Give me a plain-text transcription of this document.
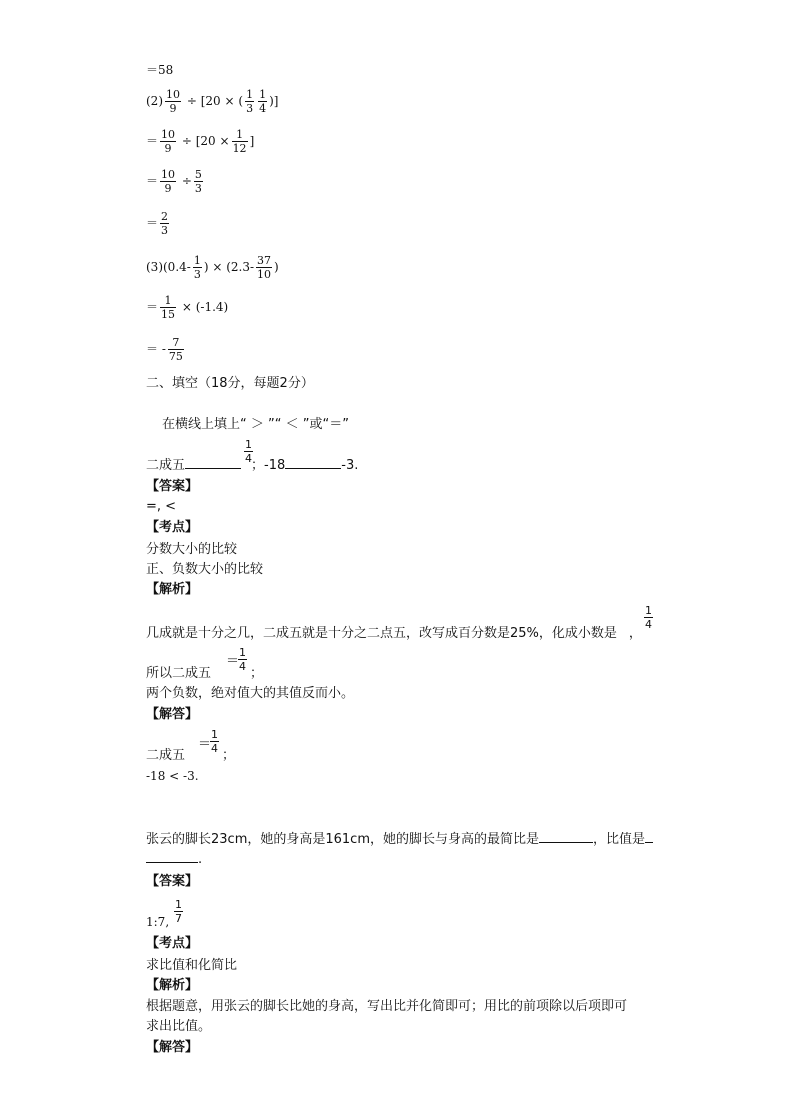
＝58
$(2) \frac{10}{9} \div [20$ × ( $\frac{1}{3} \frac{1}{4}$ )]
＝ $\frac{10}{9} \div [20 \times \frac{1}{12}$ ]
＝ $\frac{10}{9} \div \frac{5}{3}$
＝ $\frac{2}{3}$
$(3)(0.4- \frac{1}{3}$ ) × ($2.3- \frac{37}{10}$ )
＝ $\frac{1}{15} \times (-1.4)$
＝ - $\frac{7}{75}$
二、填空（18分，每题2分）
在横线上填上“ ＞ ”“ ＜ ”或“＝”
1
4
二成五	；-18	-3.
【答案】
=, <
【考点】
分数大小的比较
正、负数大小的比较
【解析】
1
4
几成就是十分之几，二成五就是十分之二点五，改写成百分数是25%，化成小数是 ，
所以二成五
＝
1
4 ；
两个负数，绝对值大的其值反而小。
【解答】
二成五
＝
1
4 ；
-18 < -3.
张云的脚长23cm，她的身高是161cm，她的脚长与身高的最简比是	，比值是
.
【答案】
1:7,
1
7
【考点】
求比值和化简比
【解析】
根据题意，用张云的脚长比她的身高，写出比并化简即可；用比的前项除以后项即可
求出比值。
【解答】
